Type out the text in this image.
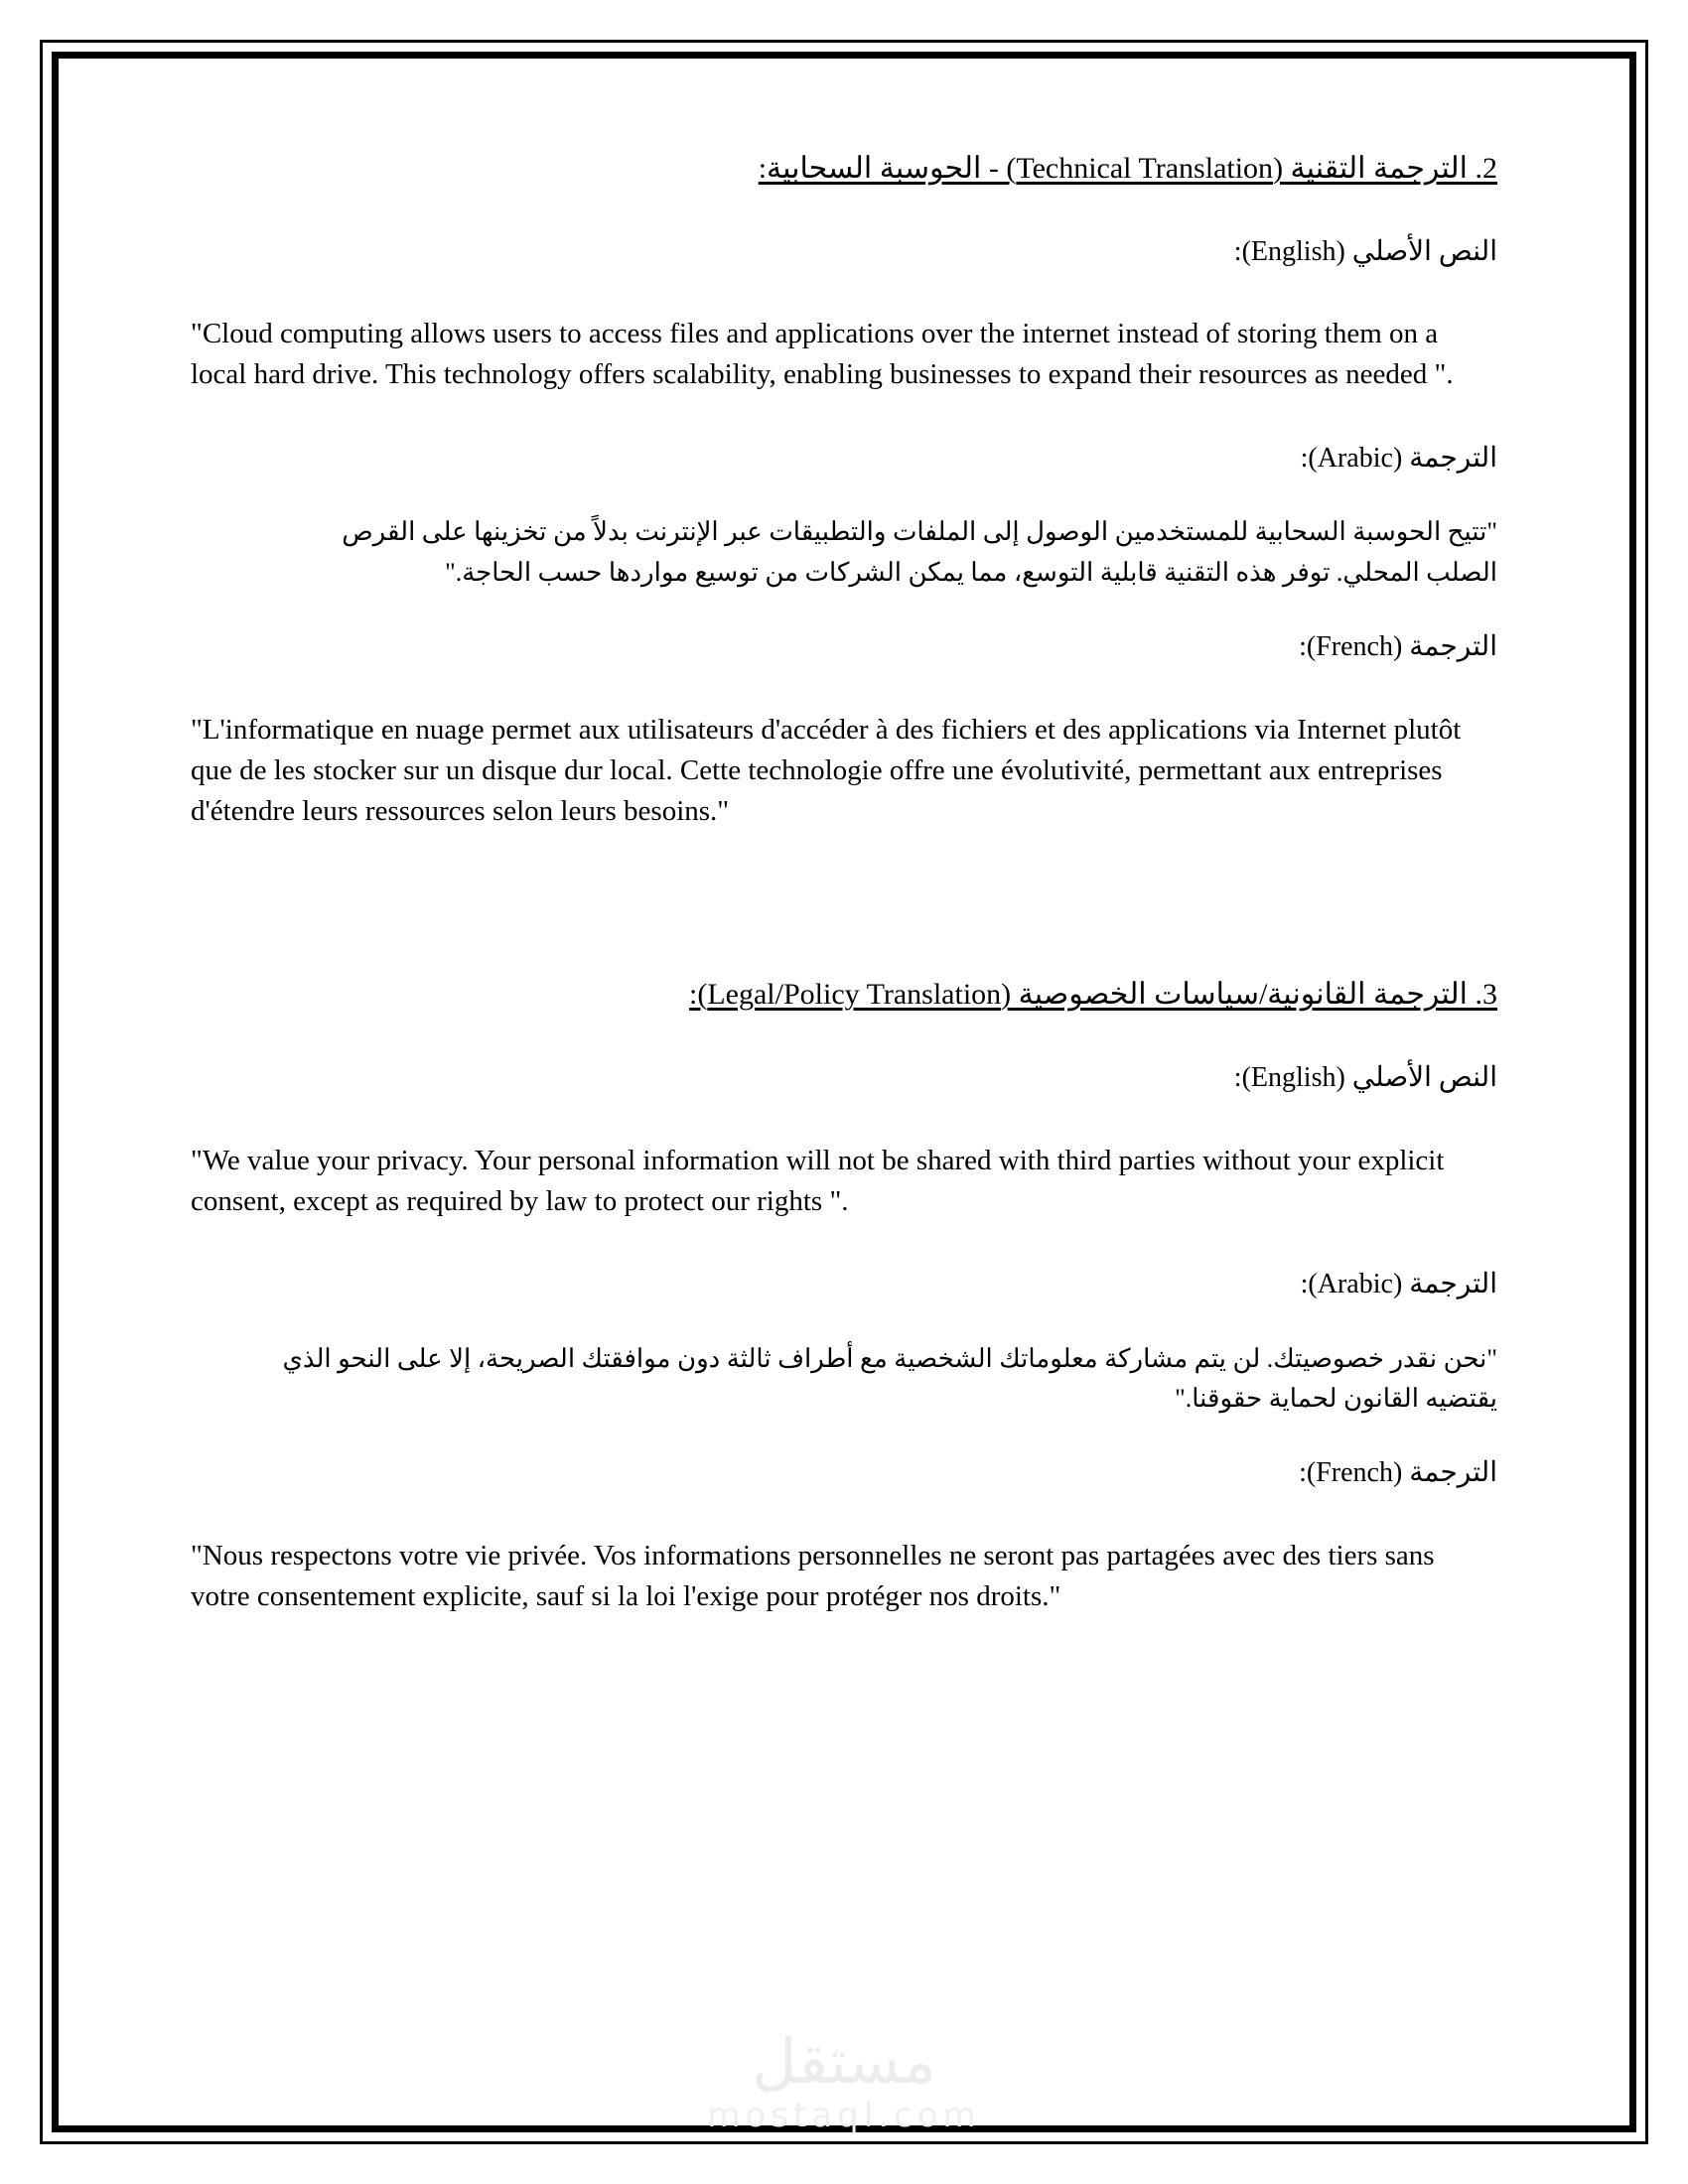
2. الترجمة التقنية (Technical Translation) - الحوسبة السحابية:

النص الأصلي (English):

"Cloud computing allows users to access files and applications over the internet instead of storing them on a local hard drive. This technology offers scalability, enabling businesses to expand their resources as needed ".

الترجمة (Arabic):

"تتيح الحوسبة السحابية للمستخدمين الوصول إلى الملفات والتطبيقات عبر الإنترنت بدلاً من تخزينها على القرص الصلب المحلي. توفر هذه التقنية قابلية التوسع، مما يمكن الشركات من توسيع مواردها حسب الحاجة."

الترجمة (French):

"L'informatique en nuage permet aux utilisateurs d'accéder à des fichiers et des applications via Internet plutôt que de les stocker sur un disque dur local. Cette technologie offre une évolutivité, permettant aux entreprises d'étendre leurs ressources selon leurs besoins."

3. الترجمة القانونية/سياسات الخصوصية (Legal/Policy Translation):

النص الأصلي (English):

"We value your privacy. Your personal information will not be shared with third parties without your explicit consent, except as required by law to protect our rights ".

الترجمة (Arabic):

"نحن نقدر خصوصيتك. لن يتم مشاركة معلوماتك الشخصية مع أطراف ثالثة دون موافقتك الصريحة، إلا على النحو الذي يقتضيه القانون لحماية حقوقنا."

الترجمة (French):

"Nous respectons votre vie privée. Vos informations personnelles ne seront pas partagées avec des tiers sans votre consentement explicite, sauf si la loi l'exige pour protéger nos droits."

مستقل
mostaql.com
